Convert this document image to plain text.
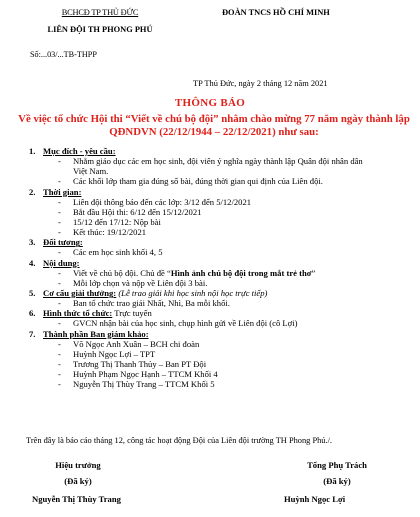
BCHCĐ TP THỦ ĐỨC
LIÊN ĐỘI TH PHONG PHÚ
Số:...03/...TB-THPP
ĐOÀN TNCS HỒ CHÍ MINH
TP Thủ Đức, ngày 2 tháng 12 năm 2021
THÔNG BÁO
Về việc tổ chức Hội thi “Viết về chú bộ đội” nhằm chào mừng 77 năm ngày thành lập QĐNDVN (22/12/1944 – 22/12/2021) như sau:
1. Mục đích - yêu cầu:
- Nhằm giáo dục các em học sinh, đội viên ý nghĩa ngày thành lập Quân đội nhân dân Việt Nam.
- Các khối lớp tham gia đúng số bài, đúng thời gian qui định của Liên đội.
2. Thời gian:
- Liên đội thông báo đến các lớp: 3/12 đến 5/12/2021
- Bắt đầu Hội thi: 6/12 đến 15/12/2021
- 15/12 đến 17/12: Nộp bài
- Kết thúc: 19/12/2021
3. Đối tượng:
- Các em học sinh khối 4, 5
4. Nội dung:
- Viết về chủ bộ đội. Chủ đề “Hình ảnh chú bộ đội trong mắt trẻ thơ”
- Mỗi lớp chọn và nộp về Liên đội 3 bài.
5. Cơ cấu giải thưởng: (Lễ trao giải khi học sinh nội học trực tiếp)
- Ban tổ chức trao giải Nhất, Nhì, Ba mỗi khối.
6. Hình thức tổ chức: Trực tuyến
- GVCN nhận bài của học sinh, chụp hình gửi về Liên đội (cô Lợi)
7. Thành phần Ban giám khảo:
- Võ Ngọc Anh Xuân – BCH chi đoàn
- Huỳnh Ngọc Lợi – TPT
- Trương Thị Thanh Thủy – Ban PT Đội
- Huỳnh Phạm Ngọc Hạnh – TTCM Khối 4
- Nguyễn Thị Thùy Trang – TTCM Khối 5
Trên đây là báo cáo tháng 12, công tác hoạt động Đội của Liên đội trường TH Phong Phú./.
Hiệu trưởng
(Đã ký)
Nguyễn Thị Thùy Trang
Tổng Phụ Trách
(Đã ký)
Huỳnh Ngọc Lợi
